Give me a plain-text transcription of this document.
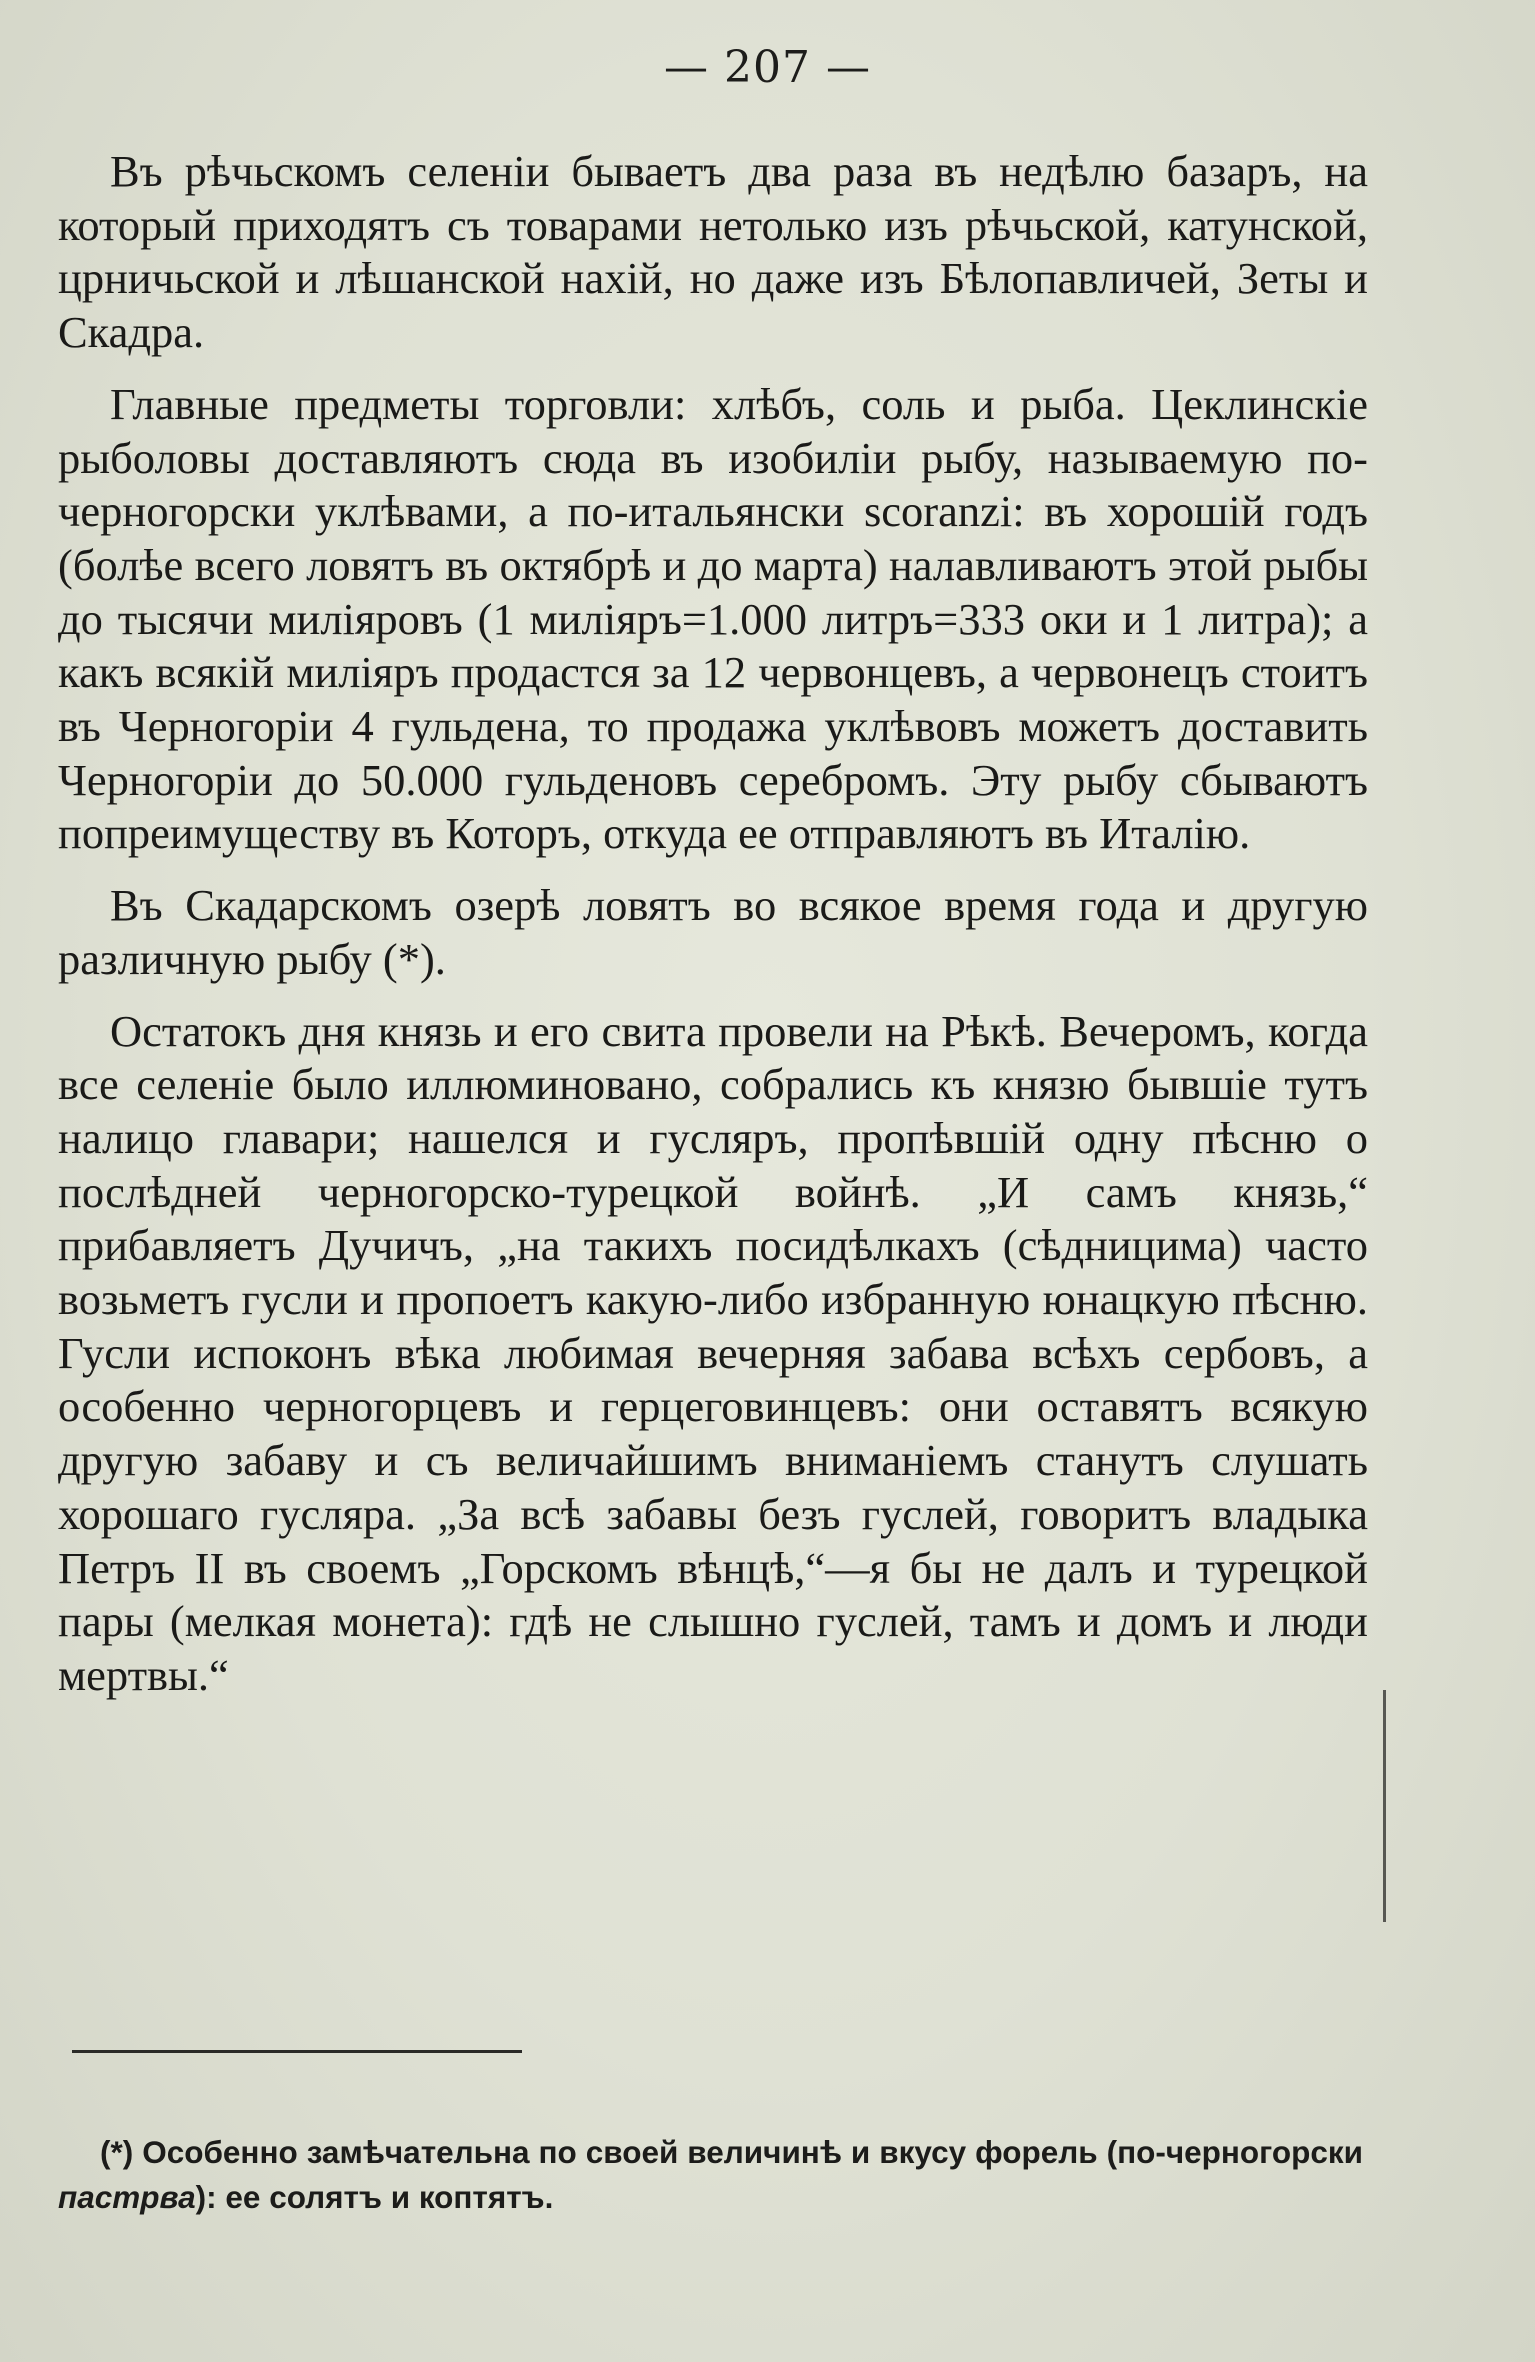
— 207 —

Въ рѣчьскомъ селеніи бываетъ два раза въ недѣлю базаръ, на который приходятъ съ товарами нетолько изъ рѣчьской, катунской, црничьской и лѣшанской нахій, но даже изъ Бѣлопавличей, Зеты и Скадра.

Главные предметы торговли: хлѣбъ, соль и рыба. Цеклинскіе рыболовы доставляютъ сюда въ изобиліи рыбу, называемую по-черногорски уклѣвами, а по-итальянски scoranzi: въ хорошій годъ (болѣе всего ловятъ въ октябрѣ и до марта) налавливаютъ этой рыбы до тысячи миліяровъ (1 миліяръ=1.000 литръ=333 оки и 1 литра); а какъ всякій миліяръ продастся за 12 червонцевъ, а червонецъ стоитъ въ Черногоріи 4 гульдена, то продажа уклѣвовъ можетъ доставить Черногоріи до 50.000 гульденовъ серебромъ. Эту рыбу сбываютъ попреимуществу въ Которъ, откуда ее отправляютъ въ Италію.

Въ Скадарскомъ озерѣ ловятъ во всякое время года и другую различную рыбу (*).

Остатокъ дня князь и его свита провели на Рѣкѣ. Вечеромъ, когда все селеніе было иллюминовано, собрались къ князю бывшіе тутъ налицо главари; нашелся и гусляръ, пропѣвшій одну пѣсню о послѣдней черногорско-турецкой войнѣ. „И самъ князь,“ прибавляетъ Дучичъ, „на такихъ посидѣлкахъ (сѣдницима) часто возьметъ гусли и пропоетъ какую-либо избранную юнацкую пѣсню. Гусли испоконъ вѣка любимая вечерняя забава всѣхъ сербовъ, а особенно черногорцевъ и герцеговинцевъ: они оставятъ всякую другую забаву и съ величайшимъ вниманіемъ станутъ слушать хорошаго гусляра. „За всѣ забавы безъ гуслей, говоритъ владыка Петръ II въ своемъ „Горскомъ вѣнцѣ,“—я бы не далъ и турецкой пары (мелкая монета): гдѣ не слышно гуслей, тамъ и домъ и люди мертвы.“

(*) Особенно замѣчательна по своей величинѣ и вкусу форель (по-черногорски пастрва): ее солятъ и коптятъ.
